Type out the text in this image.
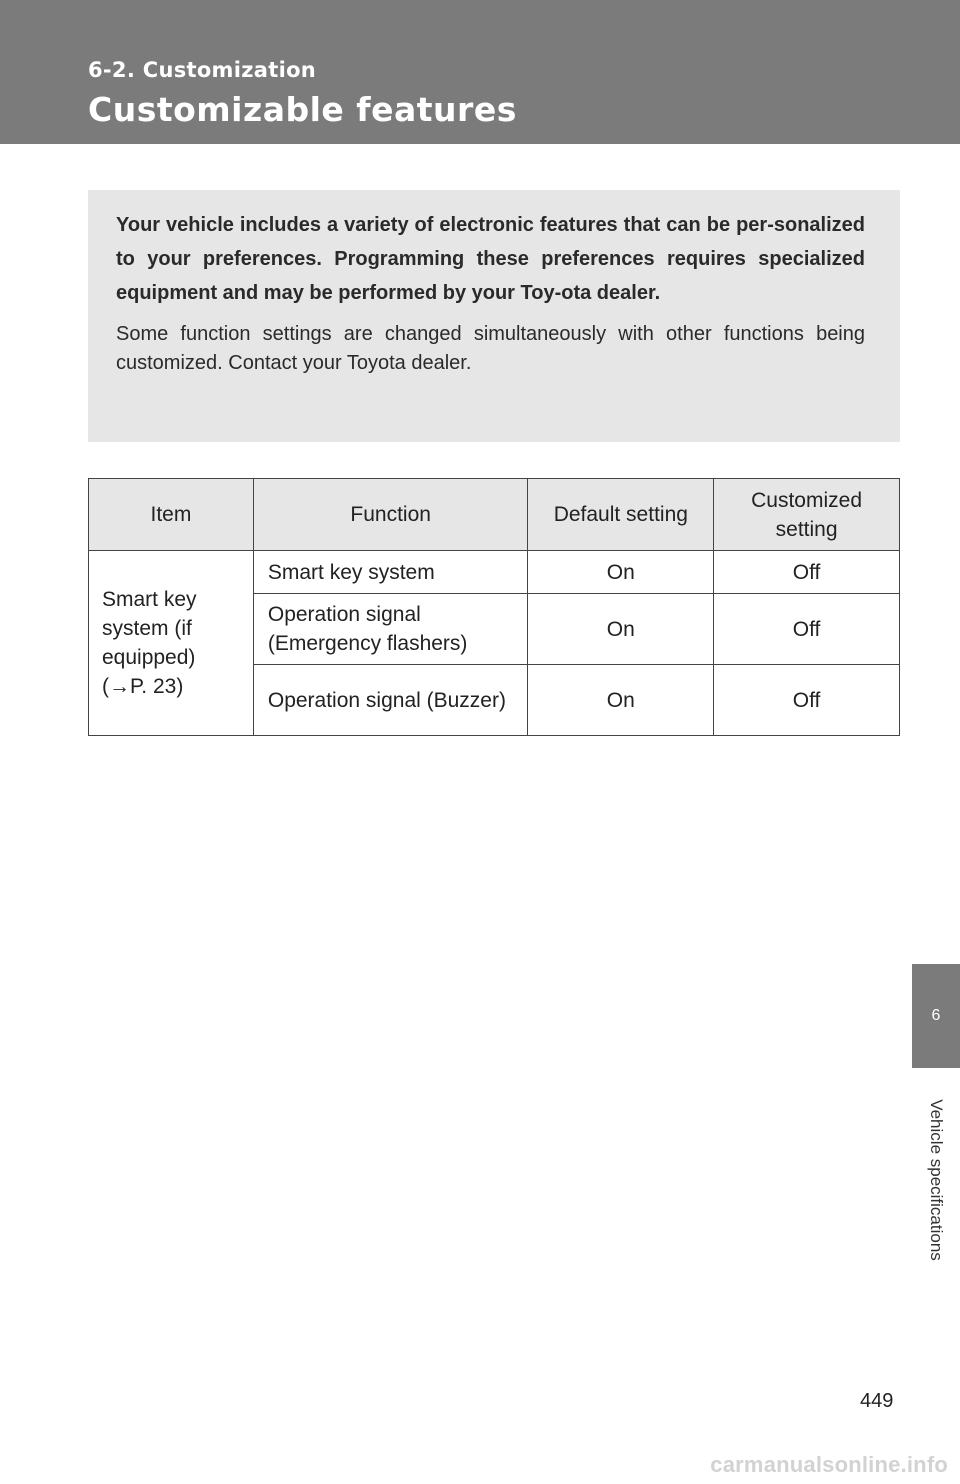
6-2. Customization
Customizable features

Your vehicle includes a variety of electronic features that can be per-sonalized to your preferences. Programming these preferences requires specialized equipment and may be performed by your Toy-ota dealer.

Some function settings are changed simultaneously with other functions being customized. Contact your Toyota dealer.

Item	Function	Default setting	Customized setting
Smart key system (if equipped) (→P. 23)	Smart key system	On	Off
	Operation signal (Emergency flashers)	On	Off
	Operation signal (Buzzer)	On	Off
6
Vehicle specifications
449
carmanualsonline.info
